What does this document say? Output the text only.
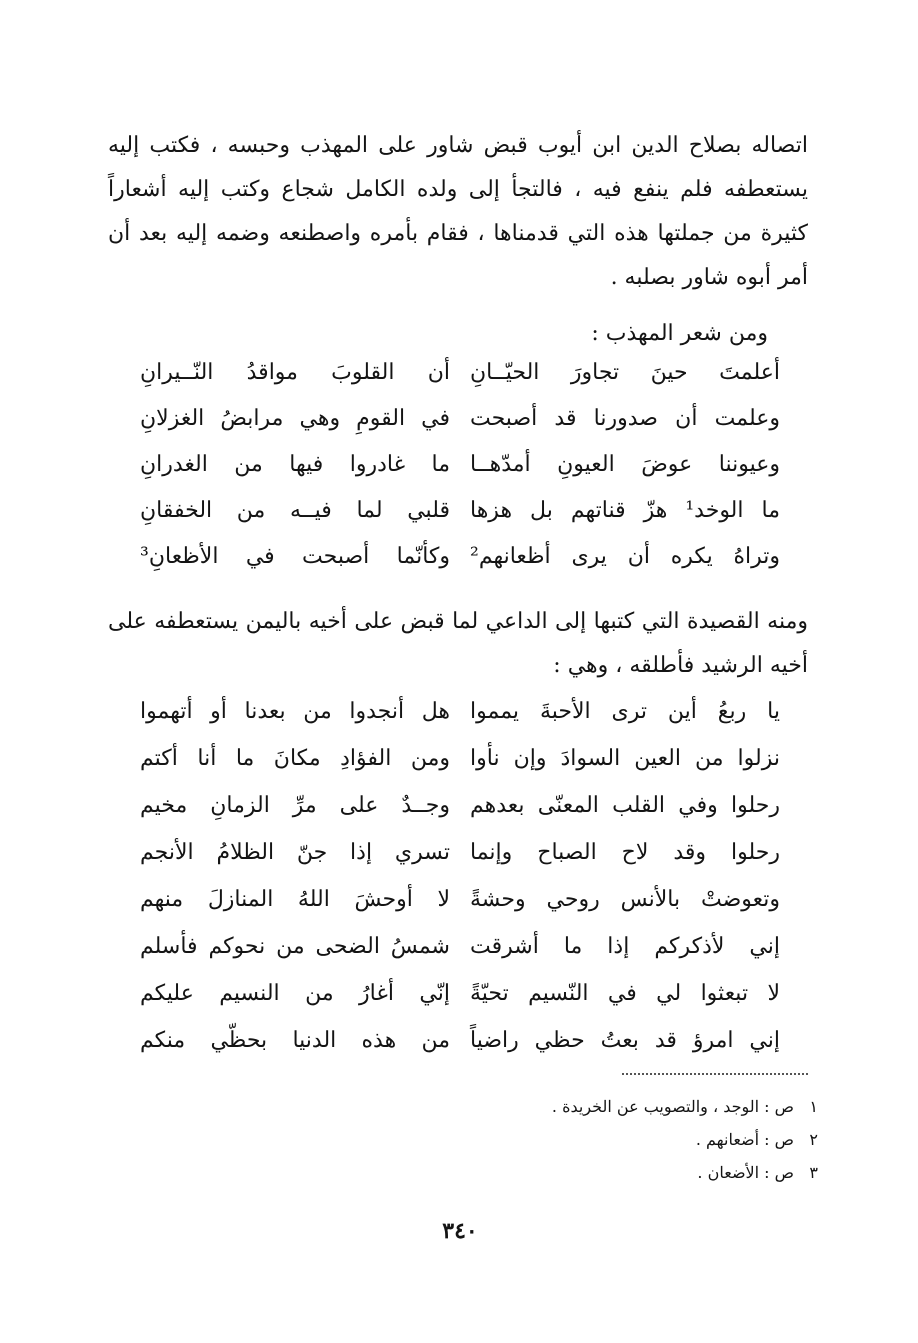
اتصاله بصلاح الدين ابن أيوب قبض شاور على المهذب وحبسه ، فكتب إليه يستعطفه فلم ينفع فيه ، فالتجأ إلى ولده الكامل شجاع وكتب إليه أشعاراً كثيرة من جملتها هذه التي قدمناها ، فقام بأمره واصطنعه وضمه إليه بعد أن أمر أبوه شاور بصلبه .

ومن شعر المهذب :

أعلمتَ حينَ تجاورَ الحيّــانِ
أن القلوبَ مواقدُ النّــيرانِ
وعلمت أن صدورنا قد أصبحت
في القومِ وهي مرابضُ الغزلانِ
وعيوننا عوضَ العيونِ أمدّهــا
ما غادروا فيها من الغدرانِ
ما الوخد¹ هزّ قناتهم بل هزها
قلبي لما فيــه من الخفقانِ
وتراهُ يكره أن يرى أظعانهم²
وكأنّما أصبحت في الأظعانِ³

ومنه القصيدة التي كتبها إلى الداعي لما قبض على أخيه باليمن يستعطفه على أخيه الرشيد فأطلقه ، وهي :

يا ربعُ أين ترى الأحبةَ يمموا
هل أنجدوا من بعدنا أو أتهموا
نزلوا من العين السوادَ وإن نأوا
ومن الفؤادِ مكانَ ما أنا أكتم
رحلوا وفي القلب المعنّى بعدهم
وجــدٌ على مرِّ الزمانِ مخيم
رحلوا وقد لاح الصباح وإنما
تسري إذا جنّ الظلامُ الأنجم
وتعوضتْ بالأنس روحي وحشةً
لا أوحشَ اللهُ المنازلَ منهم
إني لأذكركم إذا ما أشرقت
شمسُ الضحى من نحوكم فأسلم
لا تبعثوا لي في النّسيم تحيّةً
إنّي أغارُ من النسيم عليكم
إني امرؤ قد بعتُ حظي راضياً
من هذه الدنيا بحظّي منكم
١ص : الوجد ، والتصويب عن الخريدة .
٢ص : أضعانهم .
٣ص : الأضعان .
٣٤٠
